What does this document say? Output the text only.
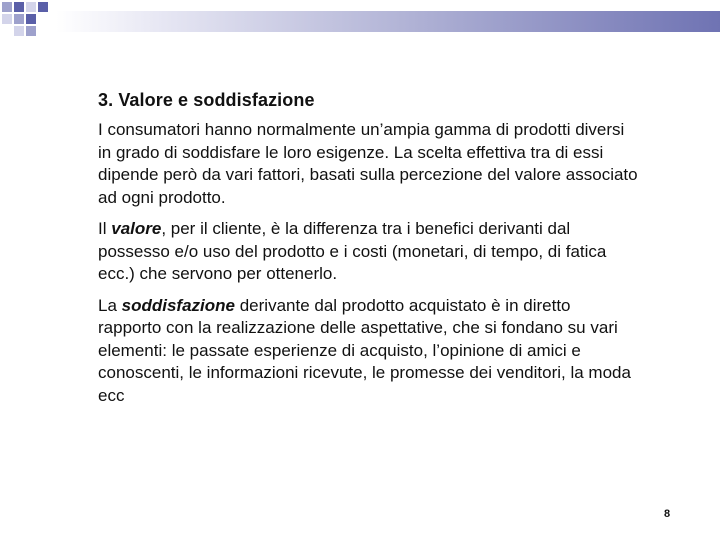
3. Valore e soddisfazione

I consumatori hanno normalmente un’ampia gamma di prodotti diversi in grado di soddisfare le loro esigenze. La scelta effettiva tra di essi dipende però da vari fattori, basati sulla percezione del valore associato ad ogni prodotto.

Il valore, per il cliente, è la differenza tra i benefici derivanti dal possesso e/o uso del prodotto e i costi (monetari, di tempo, di fatica ecc.) che servono per ottenerlo.

La soddisfazione derivante dal prodotto acquistato è in diretto rapporto con la realizzazione delle aspettative, che si fondano su vari elementi: le passate esperienze di acquisto, l’opinione di amici e conoscenti, le informazioni ricevute, le promesse dei venditori, la moda ecc

8
